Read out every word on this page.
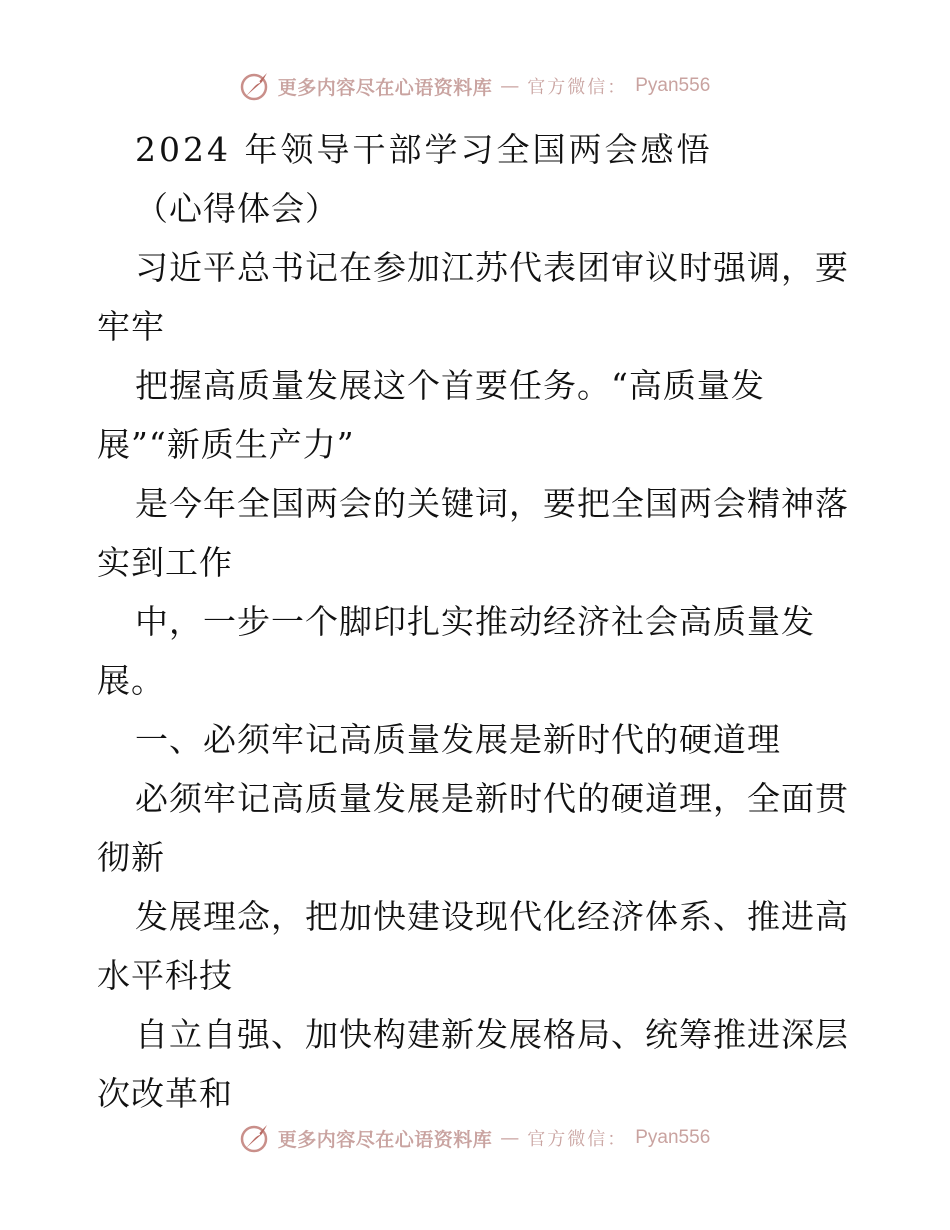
更多内容尽在心语资料库 — 官方微信： Pyan556
2024 年领导干部学习全国两会感悟
（心得体会）
习近平总书记在参加江苏代表团审议时强调，要
牢牢
把握高质量发展这个首要任务。“高质量发
展”“新质生产力”
是今年全国两会的关键词，要把全国两会精神落
实到工作
中，一步一个脚印扎实推动经济社会高质量发
展。
一、必须牢记高质量发展是新时代的硬道理
必须牢记高质量发展是新时代的硬道理，全面贯
彻新
发展理念，把加快建设现代化经济体系、推进高
水平科技
自立自强、加快构建新发展格局、统筹推进深层
次改革和
更多内容尽在心语资料库 — 官方微信： Pyan556
